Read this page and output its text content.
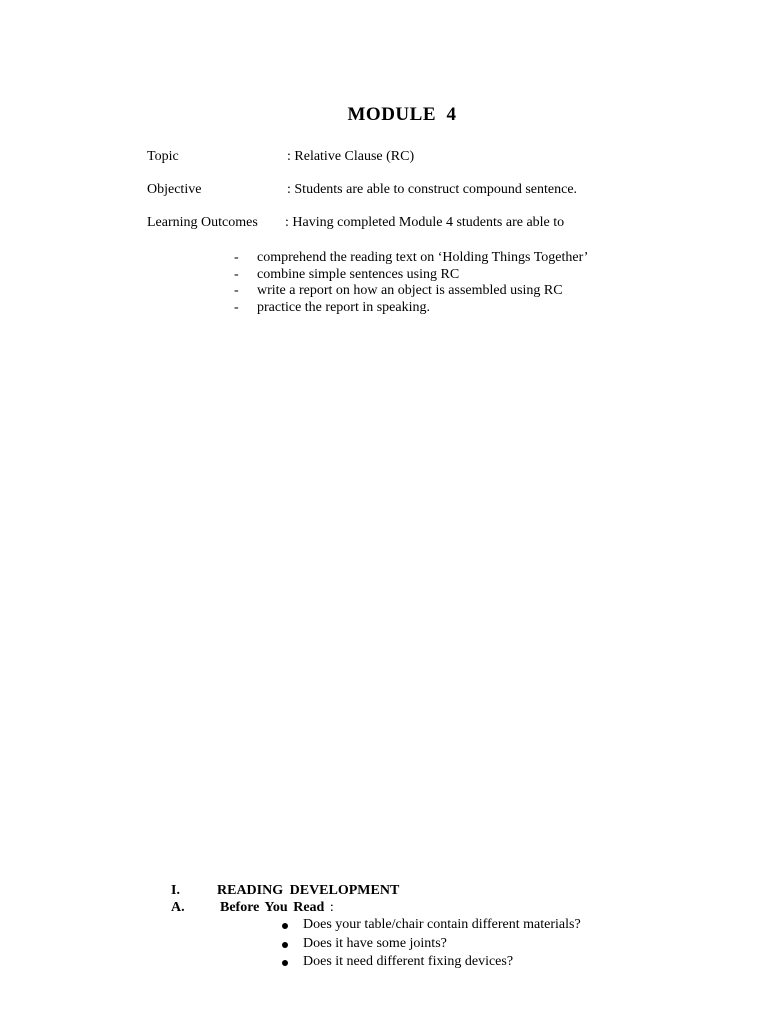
MODULE  4
Topic	: Relative Clause (RC)
Objective	: Students are able to construct compound sentence.
Learning Outcomes : Having completed Module 4 students are able to
- comprehend the reading text on ‘Holding Things Together’
- combine simple sentences using RC
- write a report on how an object is assembled using RC
- practice the report in speaking.
I.	READING DEVELOPMENT
A.	Before You Read :
Does your table/chair contain different materials?
Does it have some joints?
Does it need different fixing devices?
